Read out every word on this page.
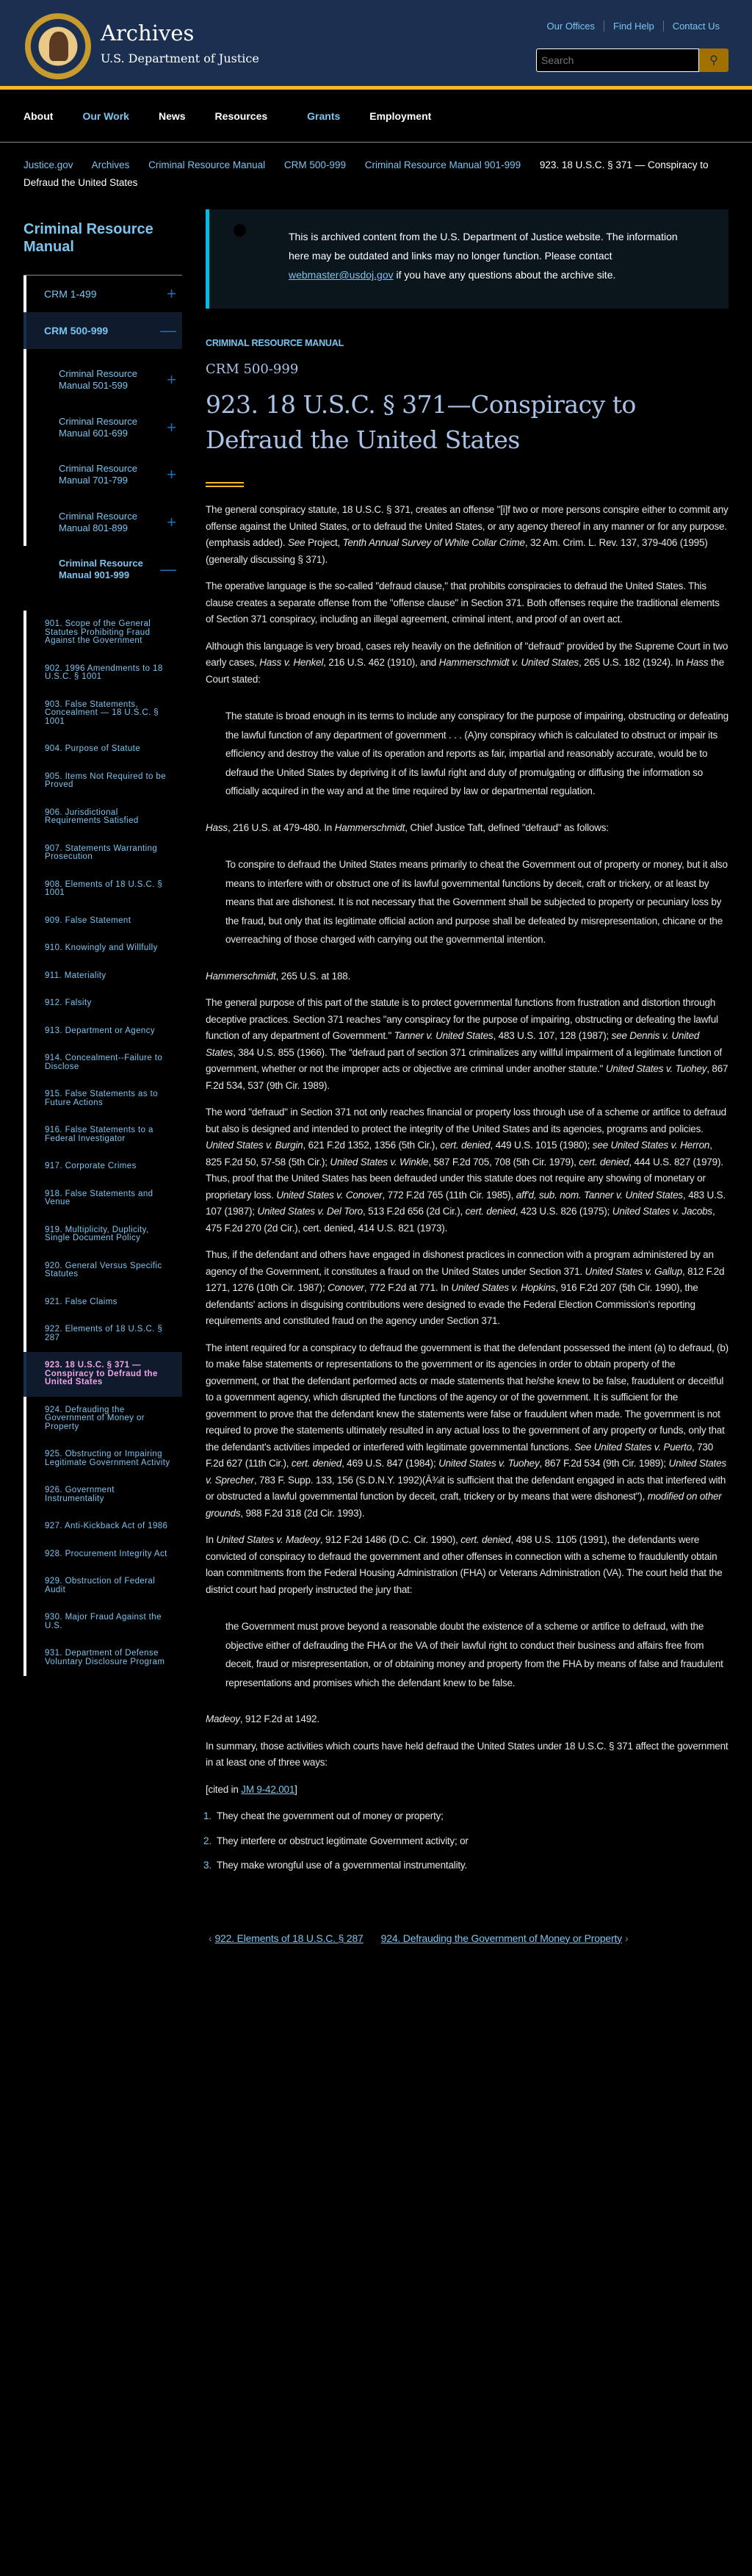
Archives
U.S. Department of Justice
Our Offices	Find Help	Contact Us
Search
⚲
About	Our Work	News	Resources	Grants	Employment
Justice.gov Archives Criminal Resource Manual CRM 500-999 Criminal Resource Manual 901-999 923. 18 U.S.C. § 371 — Conspiracy to Defraud the United States
Criminal Resource Manual
CRM 1-499	+
CRM 500-999	—
Criminal Resource Manual 501-599	+
Criminal Resource Manual 601-699	+
Criminal Resource Manual 701-799	+
Criminal Resource Manual 801-899	+
Criminal Resource Manual 901-999	—
901. Scope of the General Statutes Prohibiting Fraud Against the Government
902. 1996 Amendments to 18 U.S.C. § 1001
903. False Statements, Concealment — 18 U.S.C. § 1001
904. Purpose of Statute
905. Items Not Required to be Proved
906. Jurisdictional Requirements Satisfied
907. Statements Warranting Prosecution
908. Elements of 18 U.S.C. § 1001
909. False Statement
910. Knowingly and Willfully
911. Materiality
912. Falsity
913. Department or Agency
914. Concealment--Failure to Disclose
915. False Statements as to Future Actions
916. False Statements to a Federal Investigator
917. Corporate Crimes
918. False Statements and Venue
919. Multiplicity, Duplicity, Single Document Policy
920. General Versus Specific Statutes
921. False Claims
922. Elements of 18 U.S.C. § 287
923. 18 U.S.C. § 371 — Conspiracy to Defraud the United States
924. Defrauding the Government of Money or Property
925. Obstructing or Impairing Legitimate Government Activity
926. Government Instrumentality
927. Anti-Kickback Act of 1986
928. Procurement Integrity Act
929. Obstruction of Federal Audit
930. Major Fraud Against the U.S.
931. Department of Defense Voluntary Disclosure Program
This is archived content from the U.S. Department of Justice website. The information here may be outdated and links may no longer function. Please contact webmaster@usdoj.gov if you have any questions about the archive site.
CRIMINAL RESOURCE MANUAL
CRM 500-999
923. 18 U.S.C. § 371—Conspiracy to Defraud the United States

The general conspiracy statute, 18 U.S.C. § 371, creates an offense "[i]f two or more persons conspire either to commit any offense against the United States, or to defraud the United States, or any agency thereof in any manner or for any purpose. (emphasis added). See Project, Tenth Annual Survey of White Collar Crime, 32 Am. Crim. L. Rev. 137, 379-406 (1995)(generally discussing § 371).

The operative language is the so-called "defraud clause," that prohibits conspiracies to defraud the United States. This clause creates a separate offense from the "offense clause" in Section 371. Both offenses require the traditional elements of Section 371 conspiracy, including an illegal agreement, criminal intent, and proof of an overt act.

Although this language is very broad, cases rely heavily on the definition of "defraud" provided by the Supreme Court in two early cases, Hass v. Henkel, 216 U.S. 462 (1910), and Hammerschmidt v. United States, 265 U.S. 182 (1924). In Hass the Court stated:

The statute is broad enough in its terms to include any conspiracy for the purpose of impairing, obstructing or defeating the lawful function of any department of government . . . (A)ny conspiracy which is calculated to obstruct or impair its efficiency and destroy the value of its operation and reports as fair, impartial and reasonably accurate, would be to defraud the United States by depriving it of its lawful right and duty of promulgating or diffusing the information so officially acquired in the way and at the time required by law or departmental regulation.

Hass, 216 U.S. at 479-480. In Hammerschmidt, Chief Justice Taft, defined "defraud" as follows:

To conspire to defraud the United States means primarily to cheat the Government out of property or money, but it also means to interfere with or obstruct one of its lawful governmental functions by deceit, craft or trickery, or at least by means that are dishonest. It is not necessary that the Government shall be subjected to property or pecuniary loss by the fraud, but only that its legitimate official action and purpose shall be defeated by misrepresentation, chicane or the overreaching of those charged with carrying out the governmental intention.

Hammerschmidt, 265 U.S. at 188.

The general purpose of this part of the statute is to protect governmental functions from frustration and distortion through deceptive practices. Section 371 reaches "any conspiracy for the purpose of impairing, obstructing or defeating the lawful function of any department of Government." Tanner v. United States, 483 U.S. 107, 128 (1987); see Dennis v. United States, 384 U.S. 855 (1966). The "defraud part of section 371 criminalizes any willful impairment of a legitimate function of government, whether or not the improper acts or objective are criminal under another statute." United States v. Tuohey, 867 F.2d 534, 537 (9th Cir. 1989).

The word "defraud" in Section 371 not only reaches financial or property loss through use of a scheme or artifice to defraud but also is designed and intended to protect the integrity of the United States and its agencies, programs and policies. United States v. Burgin, 621 F.2d 1352, 1356 (5th Cir.), cert. denied, 449 U.S. 1015 (1980); see United States v. Herron, 825 F.2d 50, 57-58 (5th Cir.); United States v. Winkle, 587 F.2d 705, 708 (5th Cir. 1979), cert. denied, 444 U.S. 827 (1979). Thus, proof that the United States has been defrauded under this statute does not require any showing of monetary or proprietary loss. United States v. Conover, 772 F.2d 765 (11th Cir. 1985), aff'd, sub. nom. Tanner v. United States, 483 U.S. 107 (1987); United States v. Del Toro, 513 F.2d 656 (2d Cir.), cert. denied, 423 U.S. 826 (1975); United States v. Jacobs, 475 F.2d 270 (2d Cir.), cert. denied, 414 U.S. 821 (1973).

Thus, if the defendant and others have engaged in dishonest practices in connection with a program administered by an agency of the Government, it constitutes a fraud on the United States under Section 371. United States v. Gallup, 812 F.2d 1271, 1276 (10th Cir. 1987); Conover, 772 F.2d at 771. In United States v. Hopkins, 916 F.2d 207 (5th Cir. 1990), the defendants' actions in disguising contributions were designed to evade the Federal Election Commission's reporting requirements and constituted fraud on the agency under Section 371.

The intent required for a conspiracy to defraud the government is that the defendant possessed the intent (a) to defraud, (b) to make false statements or representations to the government or its agencies in order to obtain property of the government, or that the defendant performed acts or made statements that he/she knew to be false, fraudulent or deceitful to a government agency, which disrupted the functions of the agency or of the government. It is sufficient for the government to prove that the defendant knew the statements were false or fraudulent when made. The government is not required to prove the statements ultimately resulted in any actual loss to the government of any property or funds, only that the defendant's activities impeded or interfered with legitimate governmental functions. See United States v. Puerto, 730 F.2d 627 (11th Cir.), cert. denied, 469 U.S. 847 (1984); United States v. Tuohey, 867 F.2d 534 (9th Cir. 1989); United States v. Sprecher, 783 F. Supp. 133, 156 (S.D.N.Y. 1992)(Ā¾it is sufficient that the defendant engaged in acts that interfered with or obstructed a lawful governmental function by deceit, craft, trickery or by means that were dishonest"), modified on other grounds, 988 F.2d 318 (2d Cir. 1993).

In United States v. Madeoy, 912 F.2d 1486 (D.C. Cir. 1990), cert. denied, 498 U.S. 1105 (1991), the defendants were convicted of conspiracy to defraud the government and other offenses in connection with a scheme to fraudulently obtain loan commitments from the Federal Housing Administration (FHA) or Veterans Administration (VA). The court held that the district court had properly instructed the jury that:

the Government must prove beyond a reasonable doubt the existence of a scheme or artifice to defraud, with the objective either of defrauding the FHA or the VA of their lawful right to conduct their business and affairs free from deceit, fraud or misrepresentation, or of obtaining money and property from the FHA by means of false and fraudulent representations and promises which the defendant knew to be false.

Madeoy, 912 F.2d at 1492.

In summary, those activities which courts have held defraud the United States under 18 U.S.C. § 371 affect the government in at least one of three ways:

[cited in JM 9-42.001]

1. They cheat the government out of money or property;
2. They interfere or obstruct legitimate Government activity; or
3. They make wrongful use of a governmental instrumentality.
‹ 922. Elements of 18 U.S.C. § 287 924. Defrauding the Government of Money or Property ›
